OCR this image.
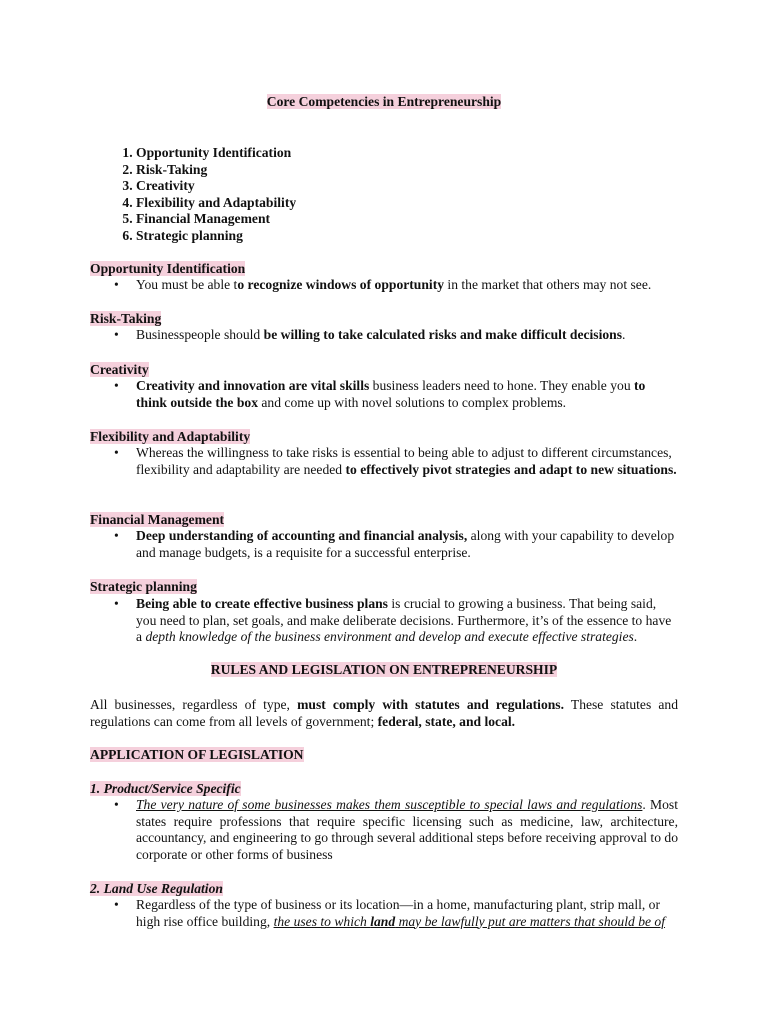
Core Competencies in Entrepreneurship
1. Opportunity Identification
2. Risk-Taking
3. Creativity
4. Flexibility and Adaptability
5. Financial Management
6. Strategic planning
Opportunity Identification
• You must be able to recognize windows of opportunity in the market that others may not see.
Risk-Taking
• Businesspeople should be willing to take calculated risks and make difficult decisions.
Creativity
• Creativity and innovation are vital skills business leaders need to hone. They enable you to think outside the box and come up with novel solutions to complex problems.
Flexibility and Adaptability
• Whereas the willingness to take risks is essential to being able to adjust to different circumstances, flexibility and adaptability are needed to effectively pivot strategies and adapt to new situations.
Financial Management
• Deep understanding of accounting and financial analysis, along with your capability to develop and manage budgets, is a requisite for a successful enterprise.
Strategic planning
• Being able to create effective business plans is crucial to growing a business. That being said, you need to plan, set goals, and make deliberate decisions. Furthermore, it’s of the essence to have a depth knowledge of the business environment and develop and execute effective strategies.
RULES AND LEGISLATION ON ENTREPRENEURSHIP
All businesses, regardless of type, must comply with statutes and regulations. These statutes and regulations can come from all levels of government; federal, state, and local.
APPLICATION OF LEGISLATION
1. Product/Service Specific
• The very nature of some businesses makes them susceptible to special laws and regulations. Most states require professions that require specific licensing such as medicine, law, architecture, accountancy, and engineering to go through several additional steps before receiving approval to do corporate or other forms of business
2. Land Use Regulation
• Regardless of the type of business or its location—in a home, manufacturing plant, strip mall, or high rise office building, the uses to which land may be lawfully put are matters that should be of
